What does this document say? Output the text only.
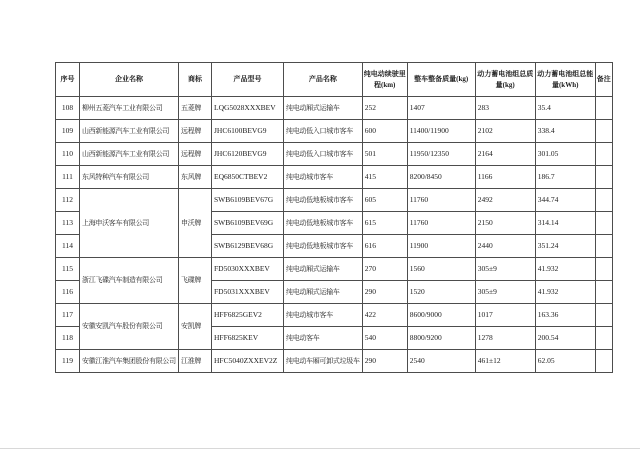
序号	企业名称	商标	产品型号	产品名称	纯电动续驶里程(km)	整车整备质量(kg)	动力蓄电池组总质量(kg)	动力蓄电池组总能量(kWh)	备注
108	柳州五菱汽车工业有限公司	五菱牌	LQG5028XXXBEV	纯电动厢式运输车	252	1407	283	35.4	
109	山西新能源汽车工业有限公司	远程牌	JHC6100BEVG9	纯电动低入口城市客车	600	11400/11900	2102	338.4	
110	山西新能源汽车工业有限公司	远程牌	JHC6120BEVG9	纯电动低入口城市客车	501	11950/12350	2164	301.05	
111	东风特种汽车有限公司	东风牌	EQ6850CTBEV2	纯电动城市客车	415	8200/8450	1166	186.7	
112	上海申沃客车有限公司	申沃牌	SWB6109BEV67G	纯电动低地板城市客车	605	11760	2492	344.74	
113			SWB6109BEV69G	纯电动低地板城市客车	615	11760	2150	314.14	
114			SWB6129BEV68G	纯电动低地板城市客车	616	11900	2440	351.24	
115	浙江飞碟汽车制造有限公司	飞碟牌	FD5030XXXBEV	纯电动厢式运输车	270	1560	305±9	41.932	
116			FD5031XXXBEV	纯电动厢式运输车	290	1520	305±9	41.932	
117	安徽安凯汽车股份有限公司	安凯牌	HFF6825GEV2	纯电动城市客车	422	8600/9000	1017	163.36	
118			HFF6825KEV	纯电动客车	540	8800/9200	1278	200.54	
119	安徽江淮汽车集团股份有限公司	江淮牌	HFC5040ZXXEV2Z	纯电动车厢可卸式垃圾车	290	2540	461±12	62.05	
